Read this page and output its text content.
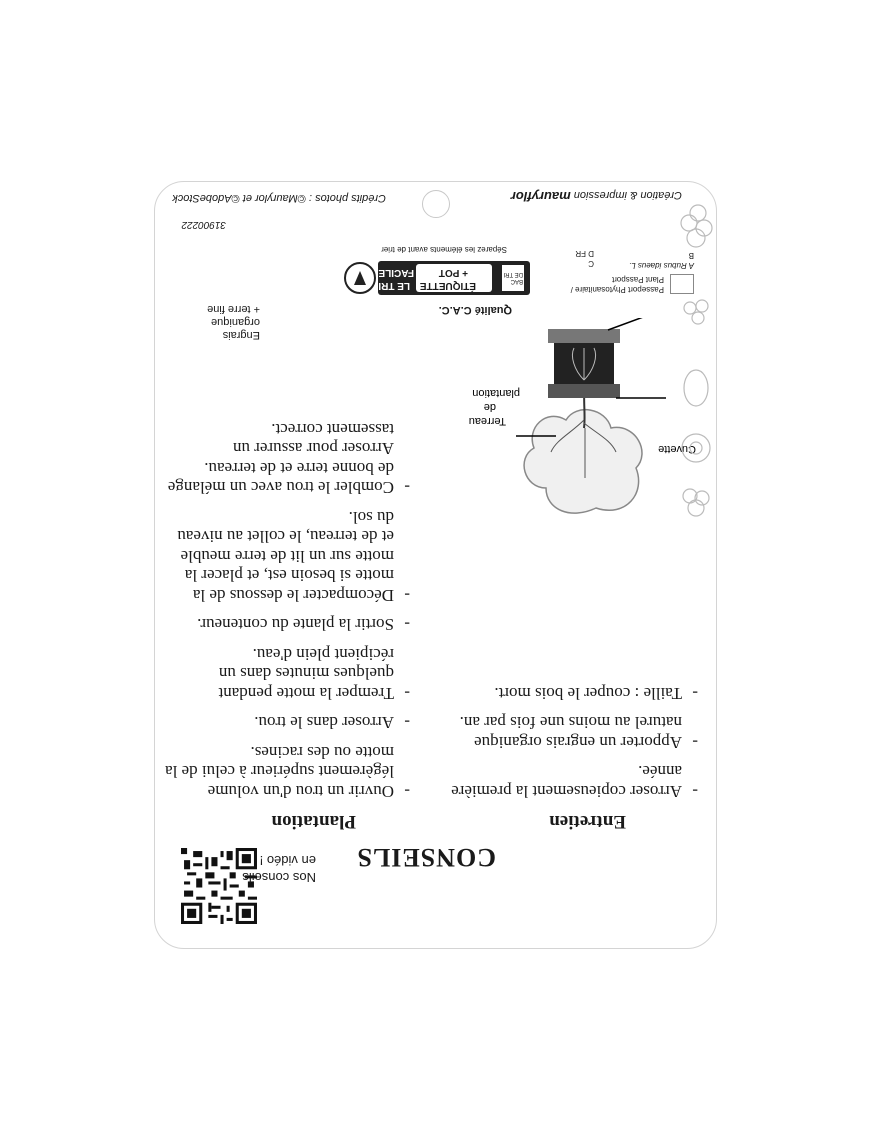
Nos conseils
en vidéo ! CONSEILS
Entretien
Plantation
-
Arroser copieusement la première année.
-
Apporter un engrais organique naturel au moins une fois par an.
-
Taille : couper le bois mort.
-
Ouvrir un trou d'un volume légèrement supérieur à celui de la motte ou des racines.
-
Arroser dans le trou.
-
Tremper la motte pendant quelques minutes dans un récipient plein d'eau.
-
Sortir la plante du conteneur.
-
Décompacter le dessous de la motte si besoin est, et placer la motte sur un lit de terre meuble et de terreau, le collet au niveau du sol.
-
Combler le trou avec un mélange de bonne terre et de terreau. Arroser pour assurer un tassement correct.
Cuvette
Terreau
de
plantation
Engrais
organique
+ terre fine	Qualité C.A.C.
LE TRI
FACILE
ÉTIQUETTE
+ POT
BAC DE TRI
Séparez les éléments avant de trier
Passeport Phytosanitaire /
Plant Passport
A Rubus idaeus L.
B
C
D FR
31900222
Crédits photos : ©Maurylor et ©AdobeStock	Création & impression mauryflor
